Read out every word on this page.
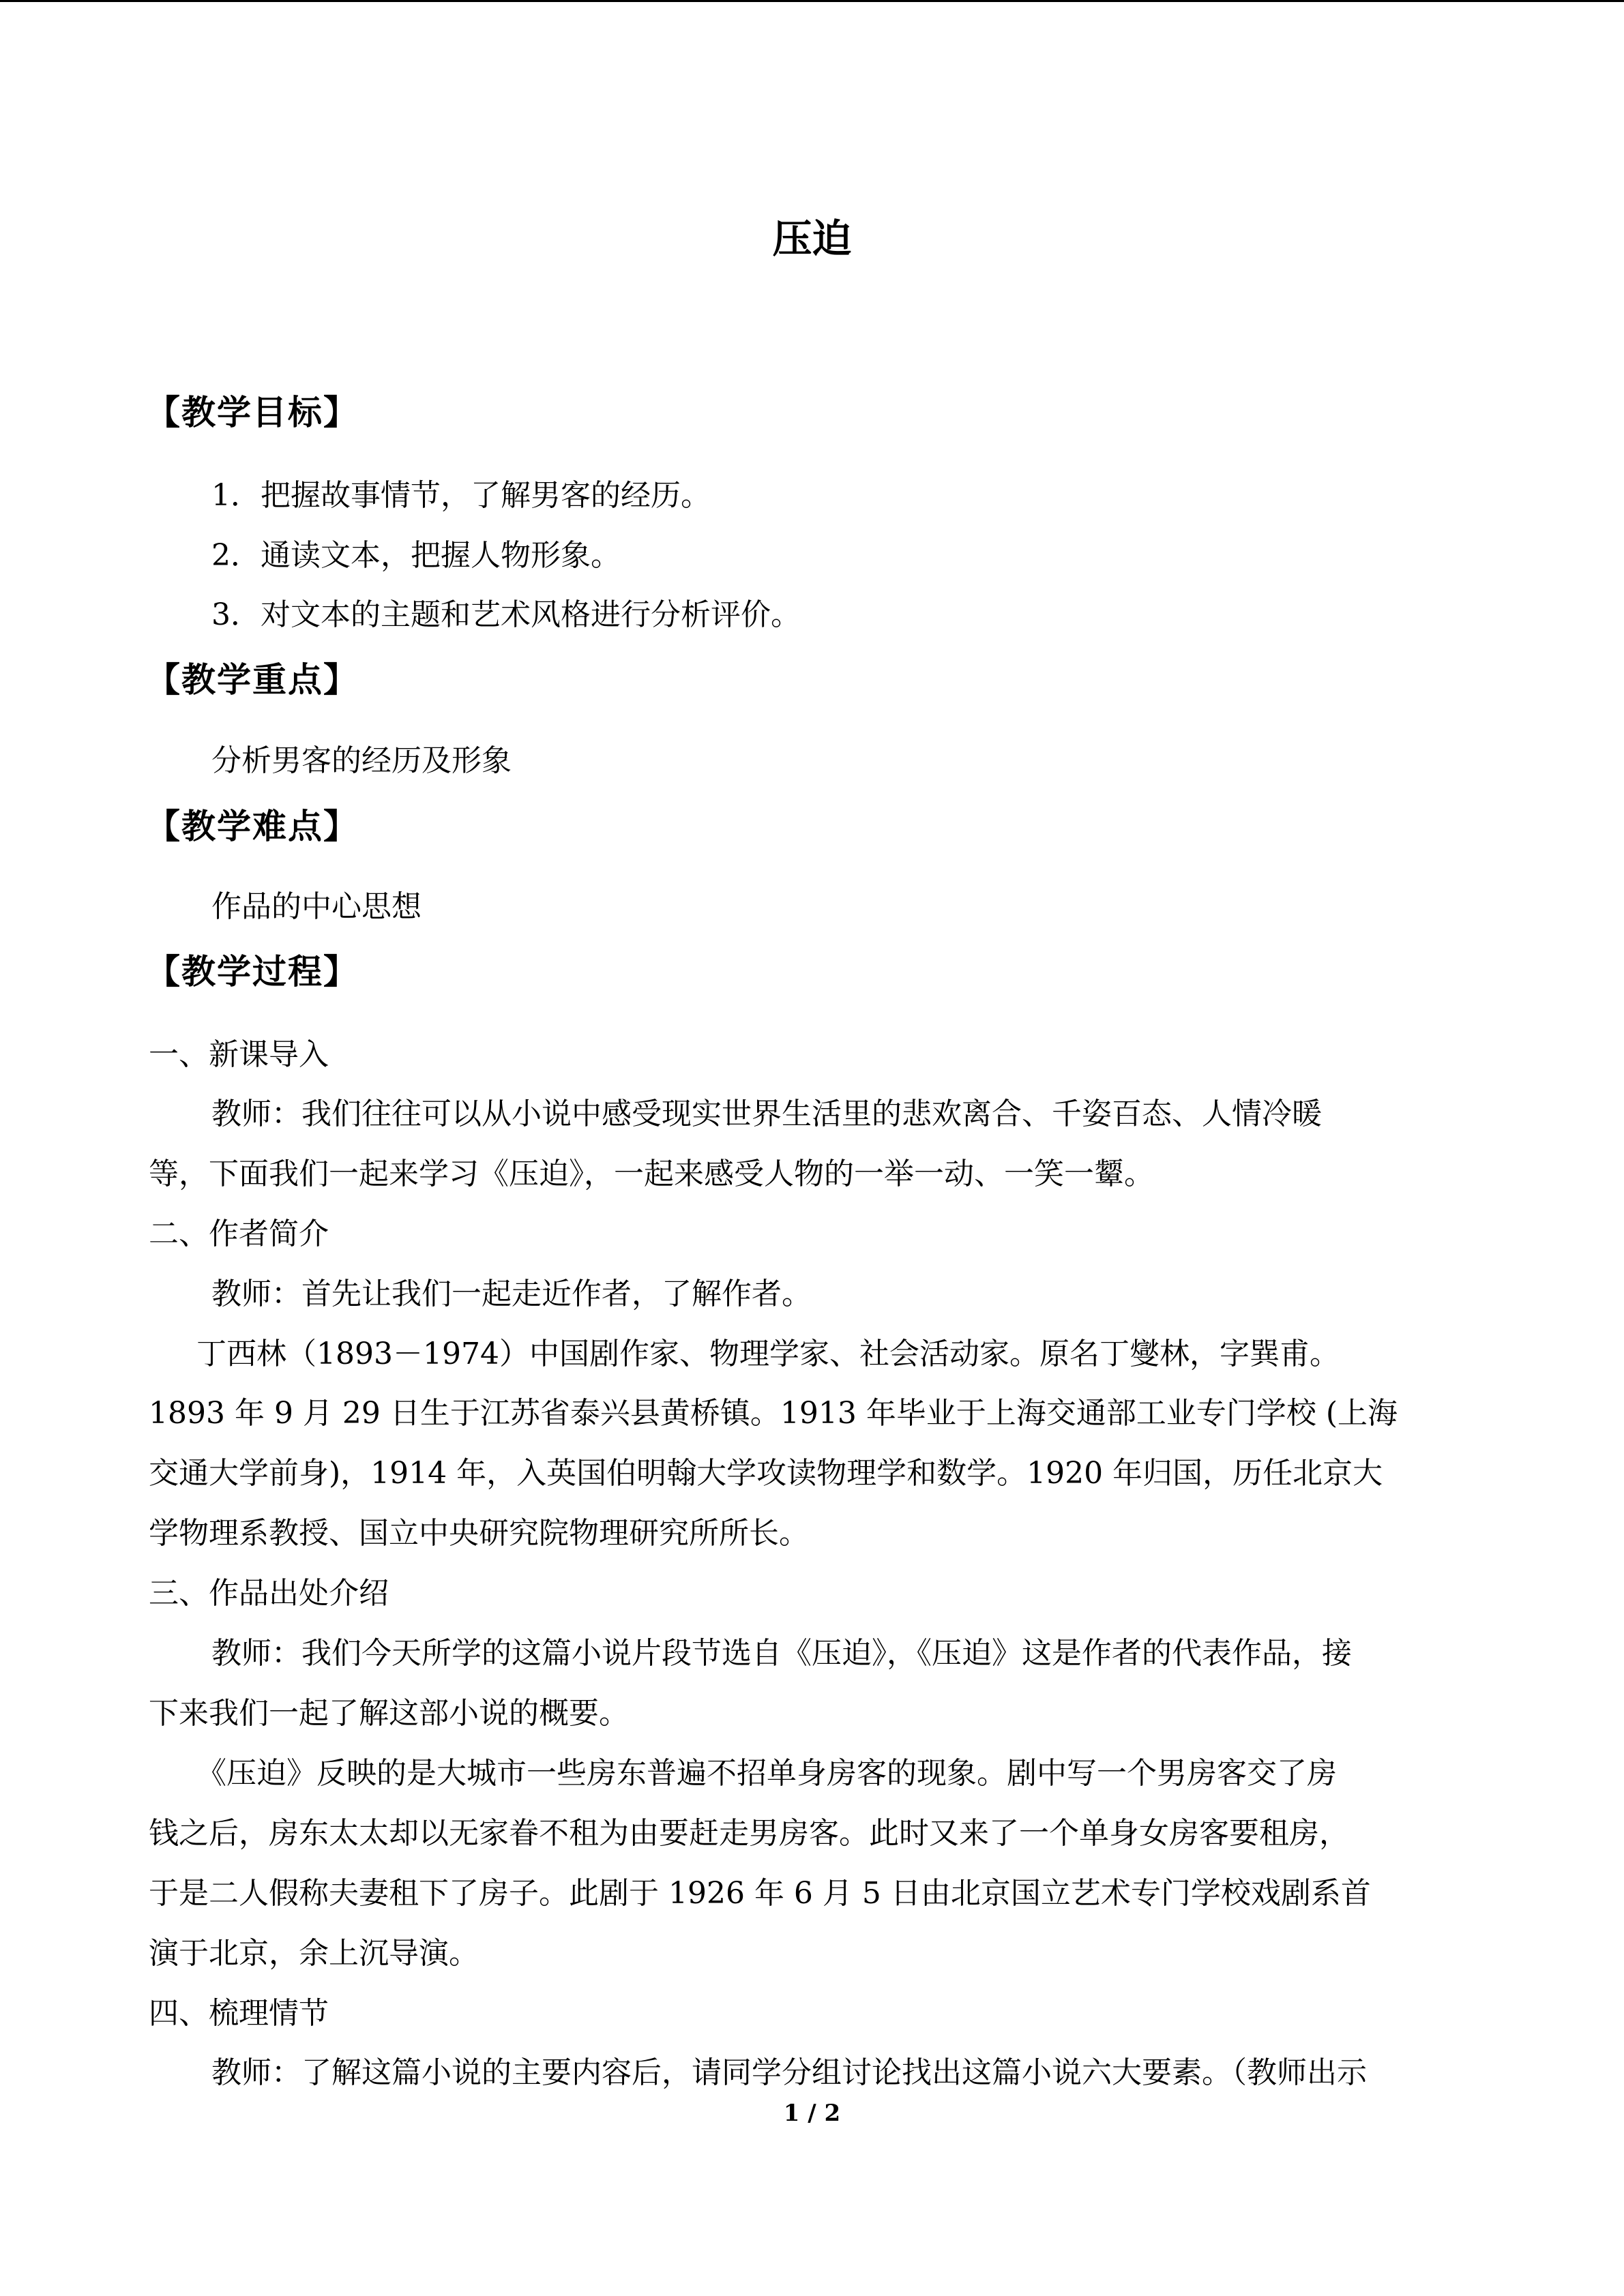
压迫
【教学目标】
1．把握故事情节，了解男客的经历。
2．通读文本，把握人物形象。
3．对文本的主题和艺术风格进行分析评价。
【教学重点】
分析男客的经历及形象
【教学难点】
作品的中心思想
【教学过程】
一、新课导入
教师：我们往往可以从小说中感受现实世界生活里的悲欢离合、千姿百态、人情冷暖
等，下面我们一起来学习《压迫》，一起来感受人物的一举一动、一笑一颦。
二、作者简介
教师：首先让我们一起走近作者，了解作者。
丁西林（1893－1974）中国剧作家、物理学家、社会活动家。原名丁燮林，字巽甫。
1893 年 9 月 29 日生于江苏省泰兴县黄桥镇。1913 年毕业于上海交通部工业专门学校 (上海
交通大学前身)，1914 年，入英国伯明翰大学攻读物理学和数学。1920 年归国，历任北京大
学物理系教授、国立中央研究院物理研究所所长。
三、作品出处介绍
教师：我们今天所学的这篇小说片段节选自《压迫》，《压迫》这是作者的代表作品，接
下来我们一起了解这部小说的概要。
《压迫》反映的是大城市一些房东普遍不招单身房客的现象。剧中写一个男房客交了房
钱之后，房东太太却以无家眷不租为由要赶走男房客。此时又来了一个单身女房客要租房，
于是二人假称夫妻租下了房子。此剧于 1926 年 6 月 5 日由北京国立艺术专门学校戏剧系首
演于北京，余上沉导演。
四、梳理情节
教师：了解这篇小说的主要内容后，请同学分组讨论找出这篇小说六大要素。（教师出示
1 / 2
